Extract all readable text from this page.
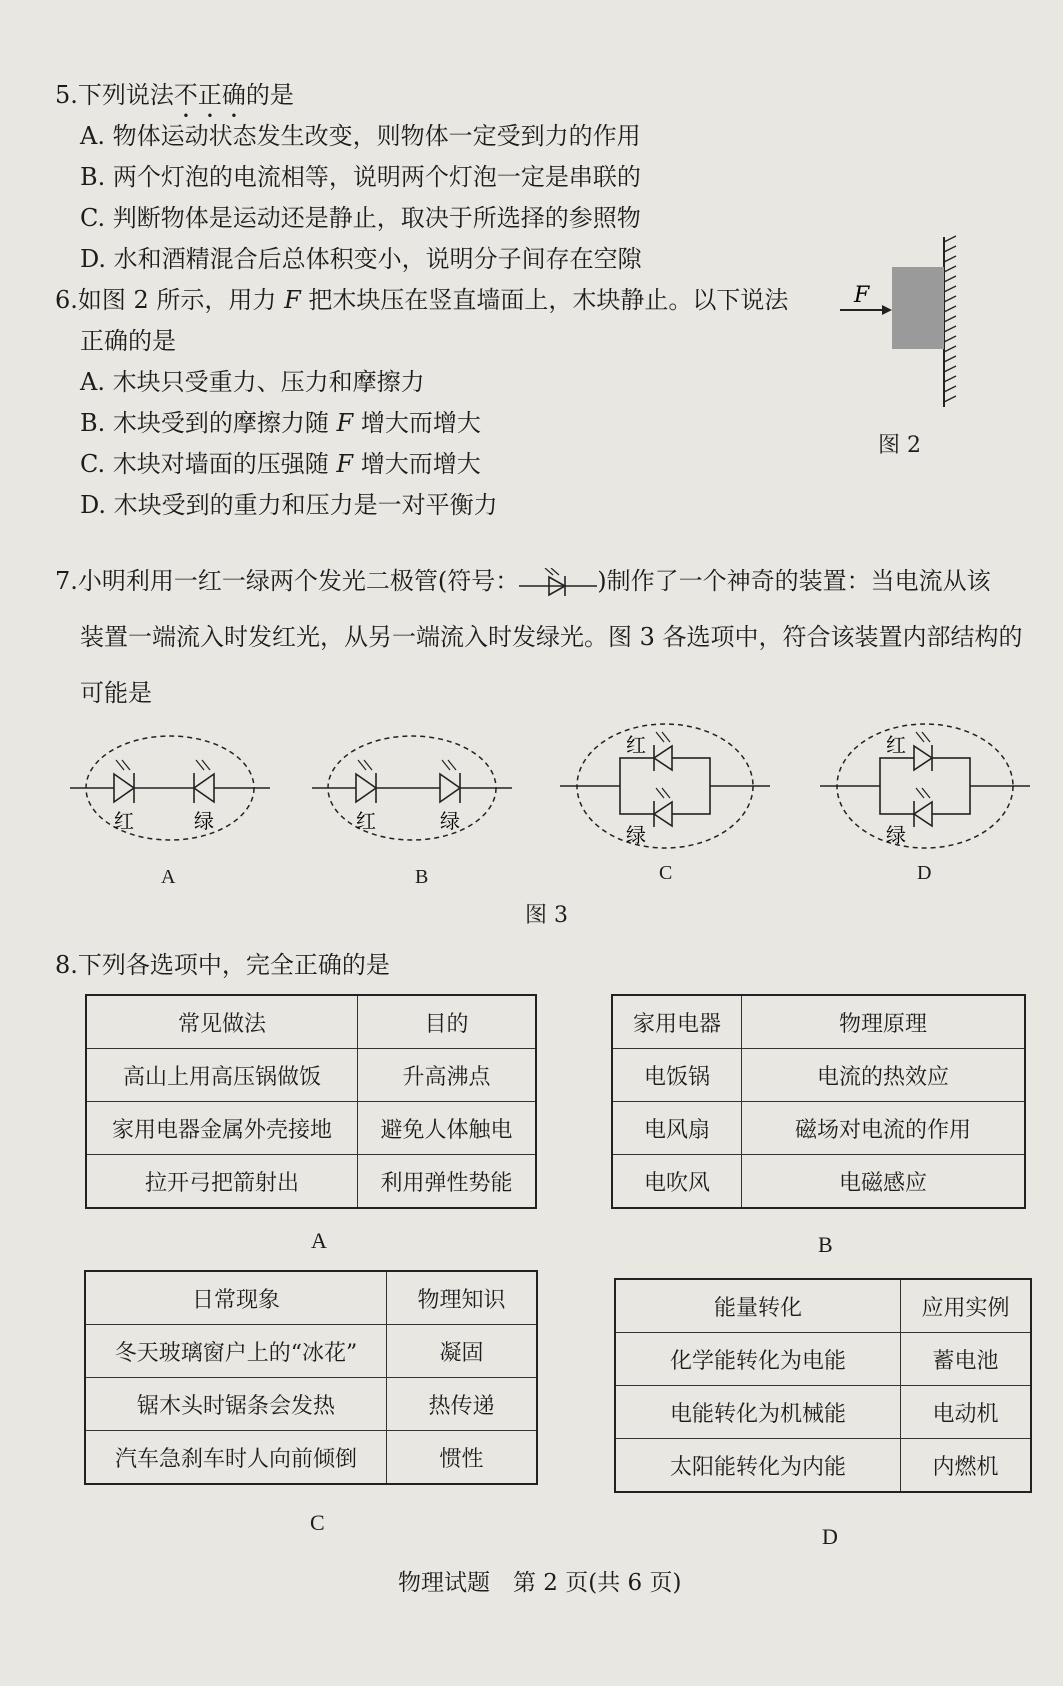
5.下列说法不正确的是
A. 物体运动状态发生改变，则物体一定受到力的作用
B. 两个灯泡的电流相等，说明两个灯泡一定是串联的
C. 判断物体是运动还是静止，取决于所选择的参照物
D. 水和酒精混合后总体积变小，说明分子间存在空隙
6.如图 2 所示，用力 F 把木块压在竖直墙面上，木块静止。以下说法
正确的是
A. 木块只受重力、压力和摩擦力
B. 木块受到的摩擦力随 F 增大而增大
C. 木块对墙面的压强随 F 增大而增大
D. 木块受到的重力和压力是一对平衡力
F
图 2
7.小明利用一红一绿两个发光二极管(符号：	)制作了一个神奇的装置：当电流从该
装置一端流入时发红光，从另一端流入时发绿光。图 3 各选项中，符合该装置内部结构的
可能是
红	绿
A
红	绿
B
红
绿
C
红
绿
D
图 3
8.下列各选项中，完全正确的是
常见做法	目的
高山上用高压锅做饭	升高沸点
家用电器金属外壳接地	避免人体触电
拉开弓把箭射出	利用弹性势能
A
家用电器	物理原理
电饭锅	电流的热效应
电风扇	磁场对电流的作用
电吹风	电磁感应
B
日常现象	物理知识
冬天玻璃窗户上的“冰花”	凝固
锯木头时锯条会发热	热传递
汽车急刹车时人向前倾倒	惯性
C
能量转化	应用实例
化学能转化为电能	蓄电池
电能转化为机械能	电动机
太阳能转化为内能	内燃机
D
物理试题　第 2 页(共 6 页)
